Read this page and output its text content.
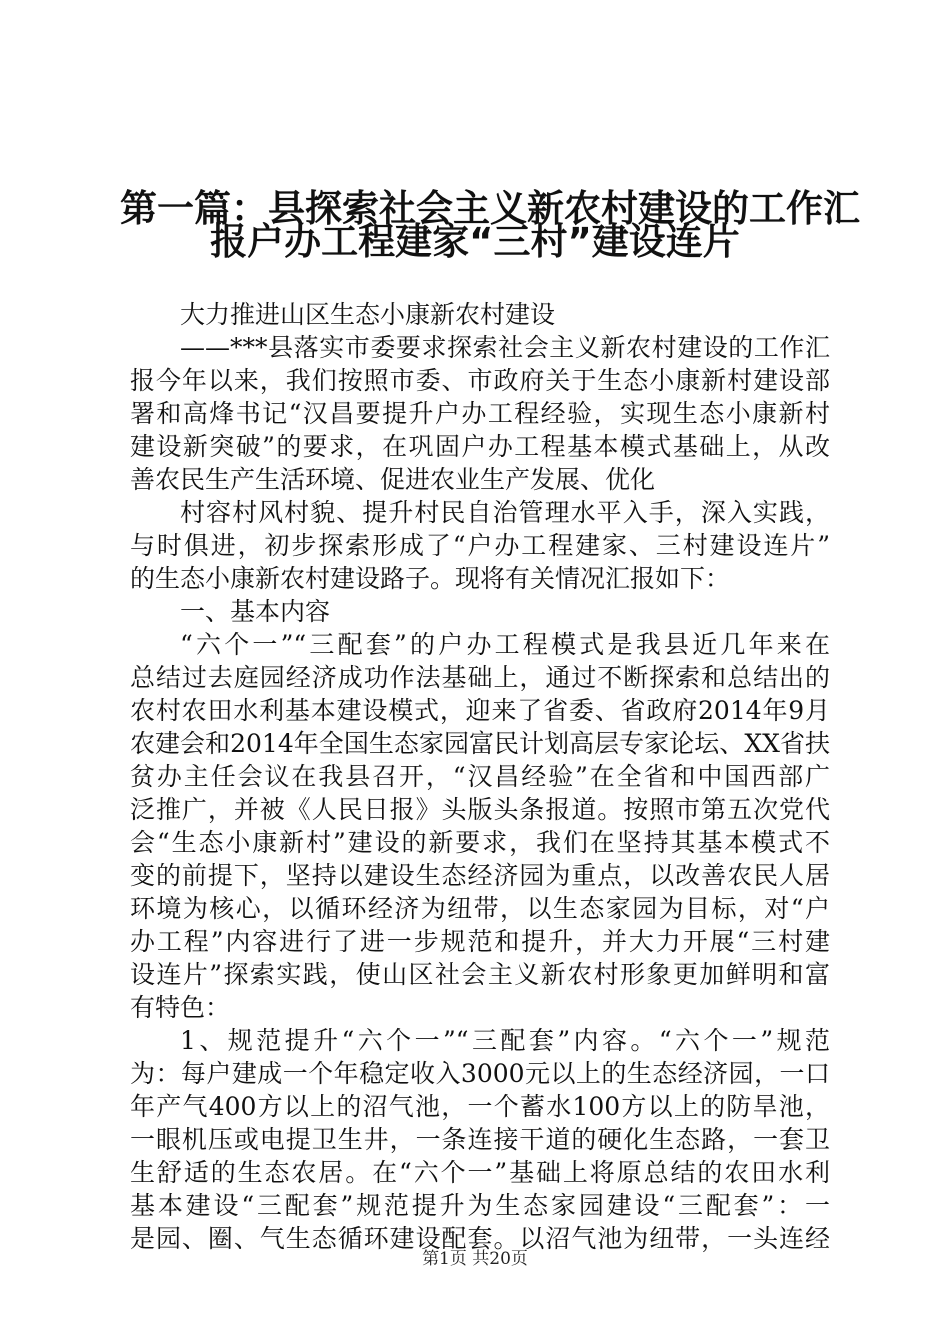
第一篇：县探索社会主义新农村建设的工作汇
报户办工程建家“三村”建设连片
大力推进山区生态小康新农村建设
——***县落实市委要求探索社会主义新农村建设的工作汇
报今年以来，我们按照市委、市政府关于生态小康新村建设部
署和高烽书记“汉昌要提升户办工程经验，实现生态小康新村
建设新突破”的要求，在巩固户办工程基本模式基础上，从改
善农民生产生活环境、促进农业生产发展、优化
村容村风村貌、提升村民自治管理水平入手，深入实践，
与时俱进，初步探索形成了“户办工程建家、三村建设连片”
的生态小康新农村建设路子。现将有关情况汇报如下：
一、基本内容
“六个一”“三配套”的户办工程模式是我县近几年来在
总结过去庭园经济成功作法基础上，通过不断探索和总结出的
农村农田水利基本建设模式，迎来了省委、省政府2014年9月
农建会和2014年全国生态家园富民计划高层专家论坛、XX省扶
贫办主任会议在我县召开，“汉昌经验”在全省和中国西部广
泛推广，并被《人民日报》头版头条报道。按照市第五次党代
会“生态小康新村”建设的新要求，我们在坚持其基本模式不
变的前提下，坚持以建设生态经济园为重点，以改善农民人居
环境为核心，以循环经济为纽带，以生态家园为目标，对“户
办工程”内容进行了进一步规范和提升，并大力开展“三村建
设连片”探索实践，使山区社会主义新农村形象更加鲜明和富
有特色：
1、规范提升“六个一”“三配套”内容。“六个一”规范
为：每户建成一个年稳定收入3000元以上的生态经济园，一口
年产气400方以上的沼气池，一个蓄水100方以上的防旱池，
一眼机压或电提卫生井，一条连接干道的硬化生态路，一套卫
生舒适的生态农居。在“六个一”基础上将原总结的农田水利
基本建设“三配套”规范提升为生态家园建设“三配套”：一
是园、圈、气生态循环建设配套。以沼气池为纽带，一头连经
第1页 共20页
